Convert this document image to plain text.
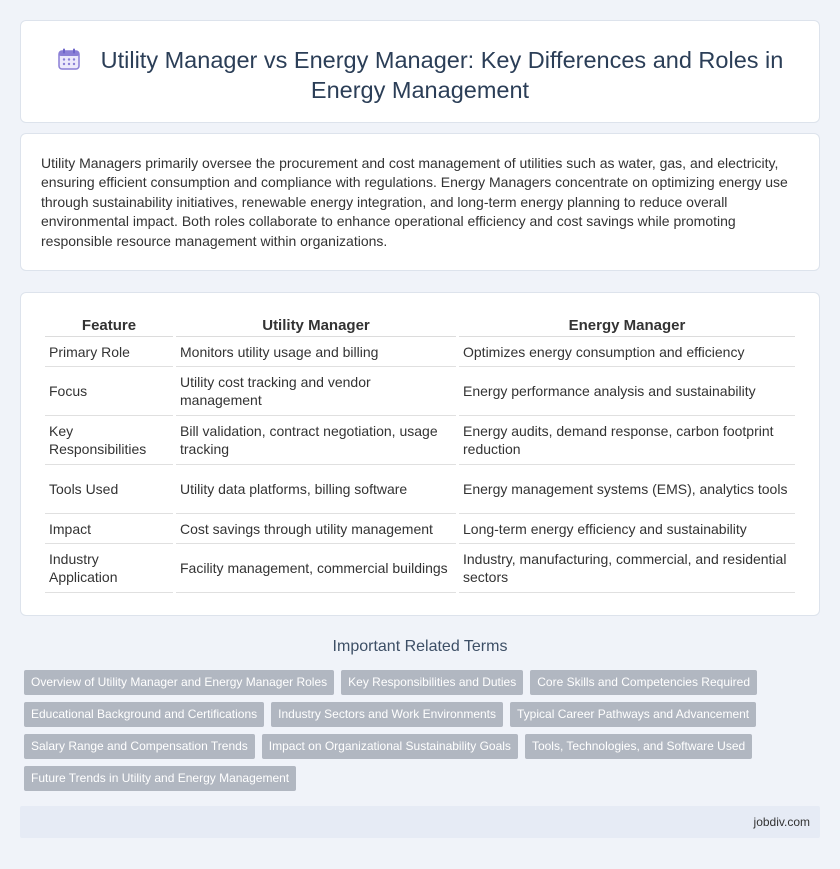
Utility Manager vs Energy Manager: Key Differences and Roles in Energy Management

Utility Managers primarily oversee the procurement and cost management of utilities such as water, gas, and electricity, ensuring efficient consumption and compliance with regulations. Energy Managers concentrate on optimizing energy use through sustainability initiatives, renewable energy integration, and long-term energy planning to reduce overall environmental impact. Both roles collaborate to enhance operational efficiency and cost savings while promoting responsible resource management within organizations.

Feature	Utility Manager	Energy Manager
Primary Role	Monitors utility usage and billing	Optimizes energy consumption and efficiency
Focus	Utility cost tracking and vendor management	Energy performance analysis and sustainability
Key Responsibilities	Bill validation, contract negotiation, usage tracking	Energy audits, demand response, carbon footprint reduction
Tools Used	Utility data platforms, billing software	Energy management systems (EMS), analytics tools
Impact	Cost savings through utility management	Long-term energy efficiency and sustainability
Industry Application	Facility management, commercial buildings	Industry, manufacturing, commercial, and residential sectors
Important Related Terms
Overview of Utility Manager and Energy Manager Roles	Key Responsibilities and Duties	Core Skills and Competencies Required
Educational Background and Certifications	Industry Sectors and Work Environments	Typical Career Pathways and Advancement
Salary Range and Compensation Trends	Impact on Organizational Sustainability Goals	Tools, Technologies, and Software Used
Future Trends in Utility and Energy Management
jobdiv.com
